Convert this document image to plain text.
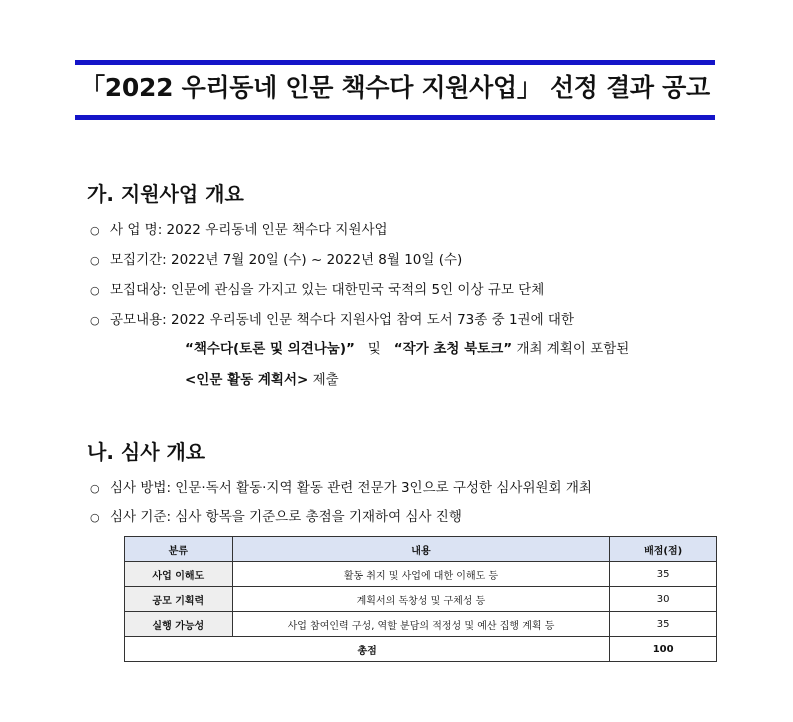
「2022 우리동네 인문 책수다 지원사업」 선정 결과 공고
가. 지원사업 개요
○ 사 업 명: 2022 우리동네 인문 책수다 지원사업
○ 모집기간: 2022년 7월 20일 (수) ~ 2022년 8월 10일 (수)
○ 모집대상: 인문에 관심을 가지고 있는 대한민국 국적의 5인 이상 규모 단체
○ 공모내용: 2022 우리동네 인문 책수다 지원사업 참여 도서 73종 중 1권에 대한
“책수다(토론 및 의견나눔)” 및 “작가 초청 북토크” 개최 계획이 포함된
<인문 활동 계획서> 제출
나. 심사 개요
○ 심사 방법: 인문·독서 활동·지역 활동 관련 전문가 3인으로 구성한 심사위원회 개최
○ 심사 기준: 심사 항목을 기준으로 총점을 기재하여 심사 진행
분류	내용	배점(점)
사업 이해도	활동 취지 및 사업에 대한 이해도 등	35
공모 기획력	계획서의 독창성 및 구체성 등	30
실행 가능성	사업 참여인력 구성, 역할 분담의 적정성 및 예산 집행 계획 등	35
총점		100
